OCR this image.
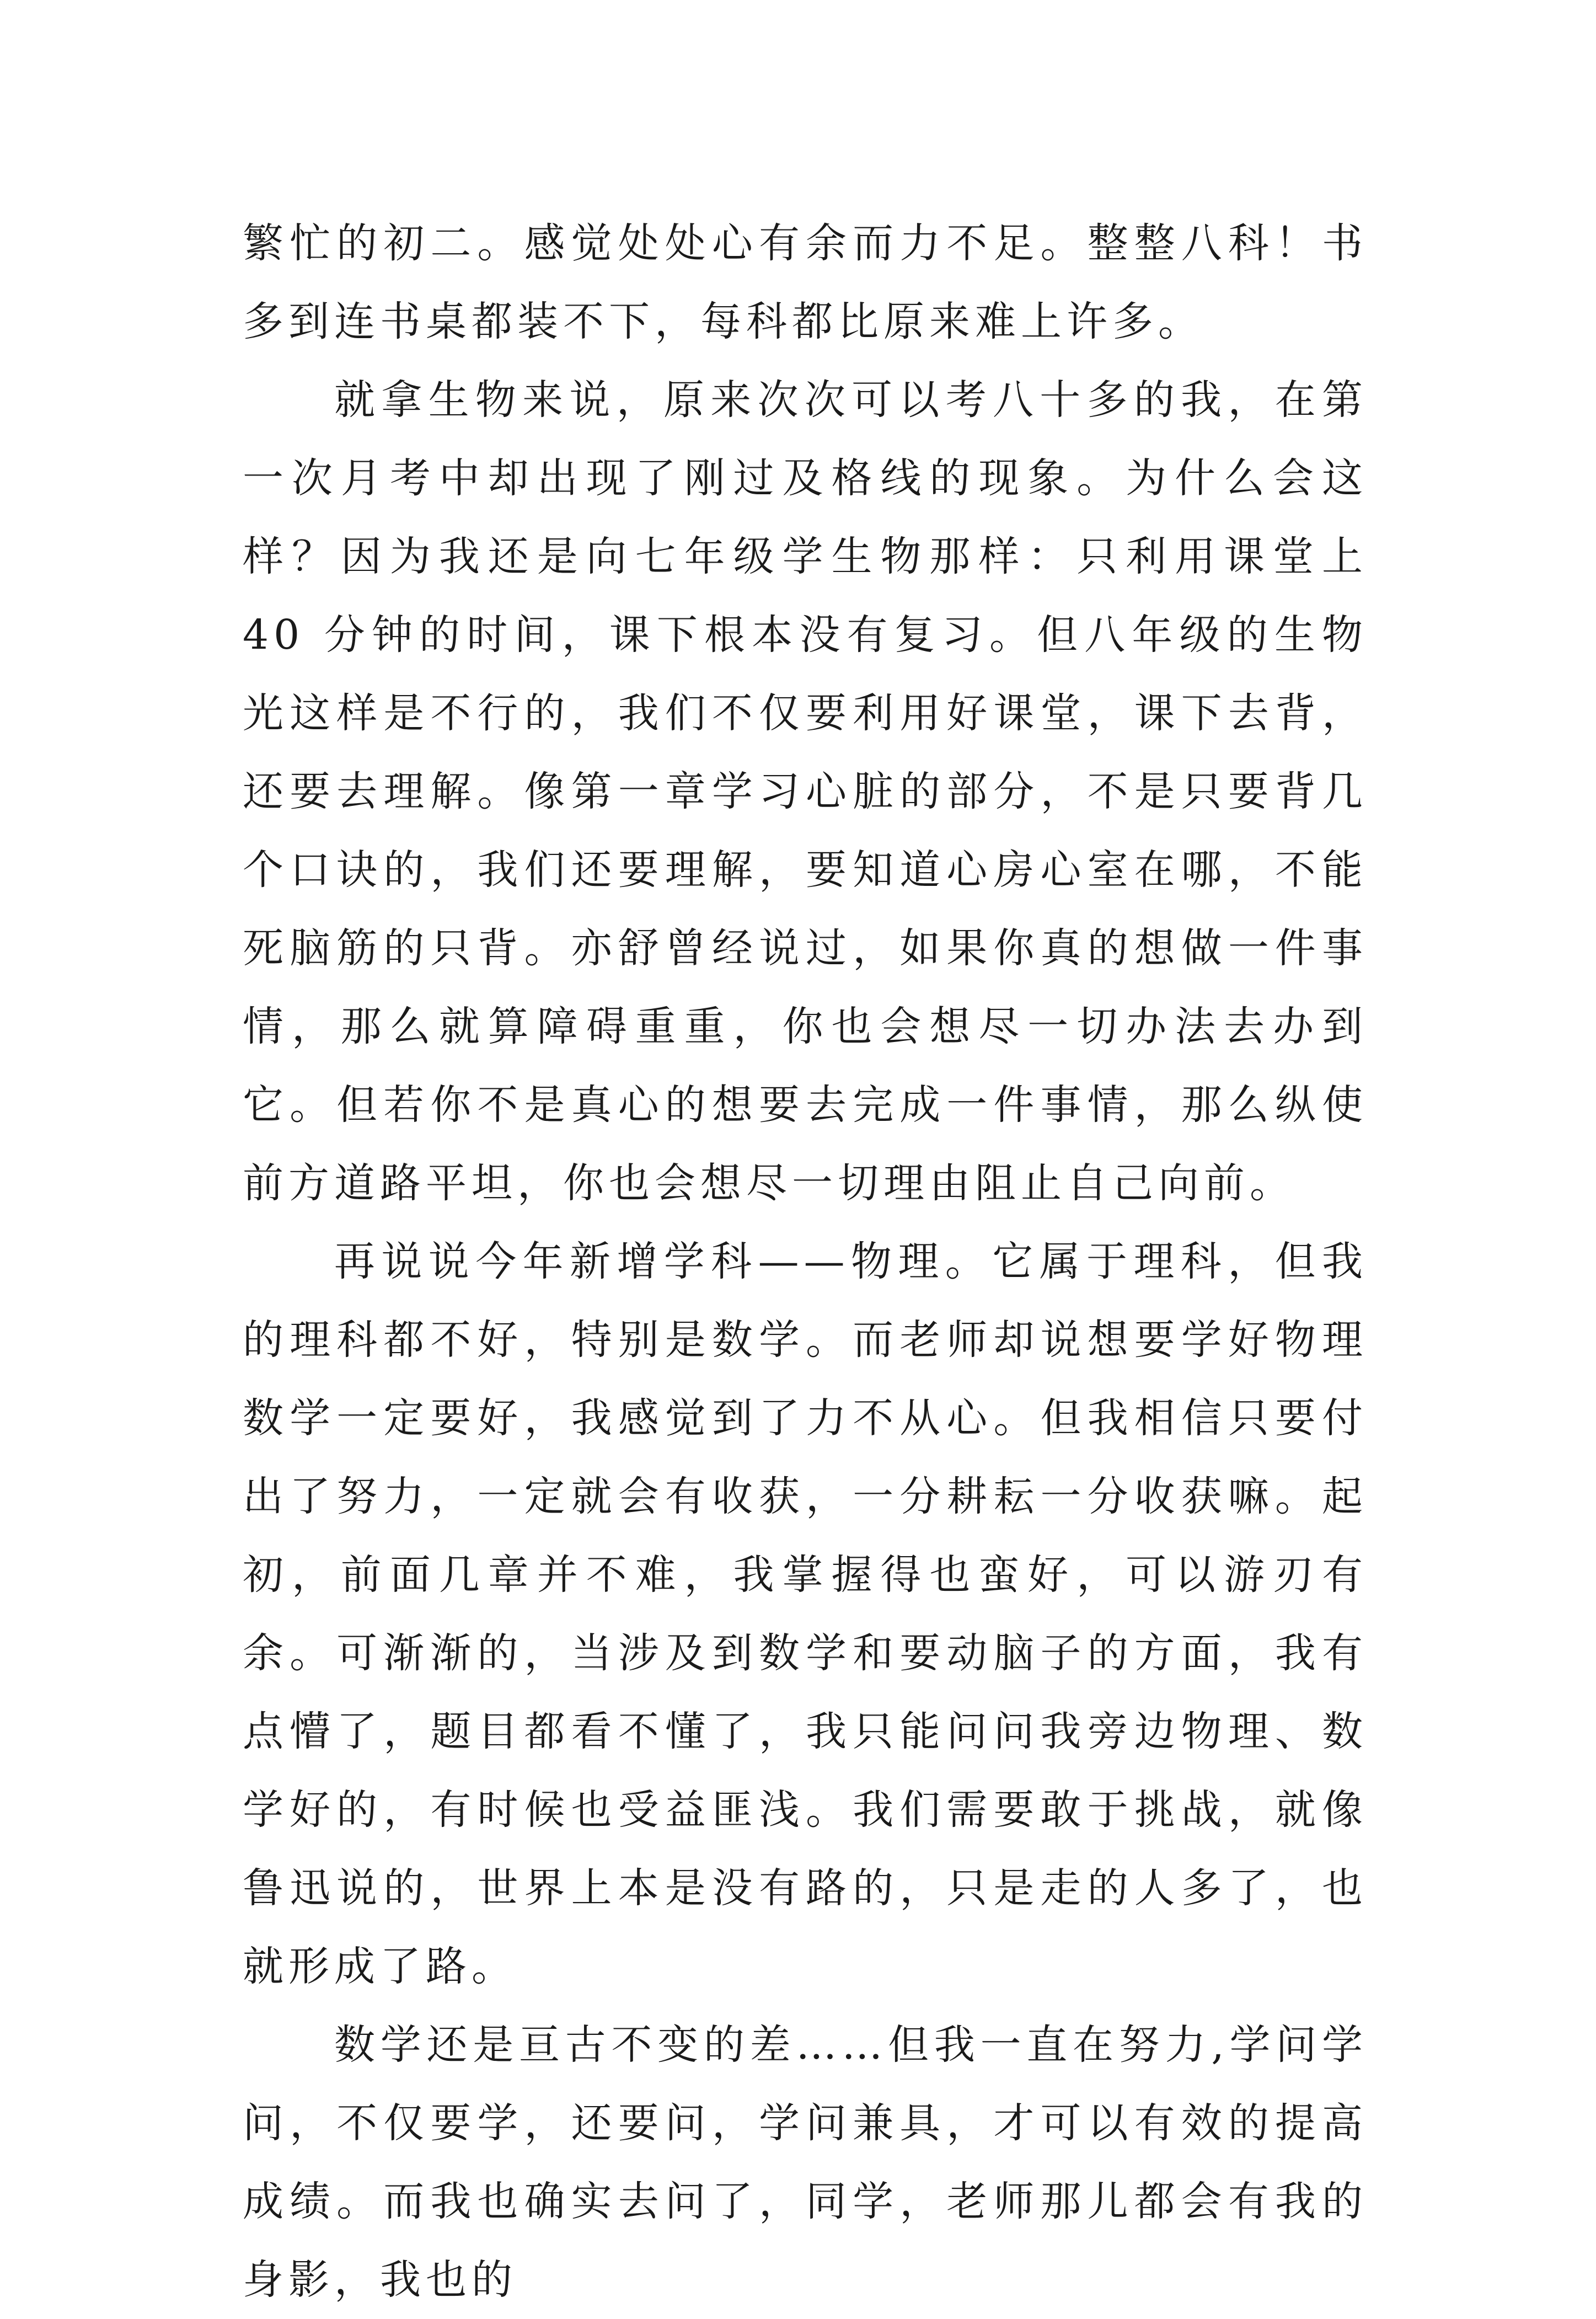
繁忙的初二。感觉处处心有余而力不足。整整八科！书多到连书桌都装不下，每科都比原来难上许多。

就拿生物来说，原来次次可以考八十多的我，在第一次月考中却出现了刚过及格线的现象。为什么会这样？因为我还是向七年级学生物那样：只利用课堂上 40 分钟的时间，课下根本没有复习。但八年级的生物光这样是不行的，我们不仅要利用好课堂，课下去背，还要去理解。像第一章学习心脏的部分，不是只要背几个口诀的，我们还要理解，要知道心房心室在哪，不能死脑筋的只背。亦舒曾经说过，如果你真的想做一件事情，那么就算障碍重重，你也会想尽一切办法去办到它。但若你不是真心的想要去完成一件事情，那么纵使前方道路平坦，你也会想尽一切理由阻止自己向前。

再说说今年新增学科——物理。它属于理科，但我的理科都不好，特别是数学。而老师却说想要学好物理数学一定要好，我感觉到了力不从心。但我相信只要付出了努力，一定就会有收获，一分耕耘一分收获嘛。起初，前面几章并不难，我掌握得也蛮好，可以游刃有余。可渐渐的，当涉及到数学和要动脑子的方面，我有点懵了，题目都看不懂了，我只能问问我旁边物理、数学好的，有时候也受益匪浅。我们需要敢于挑战，就像鲁迅说的，世界上本是没有路的，只是走的人多了，也就形成了路。

数学还是亘古不变的差……但我一直在努力,学问学问，不仅要学，还要问，学问兼具，才可以有效的提高成绩。而我也确实去问了，同学，老师那儿都会有我的身影，我也的
